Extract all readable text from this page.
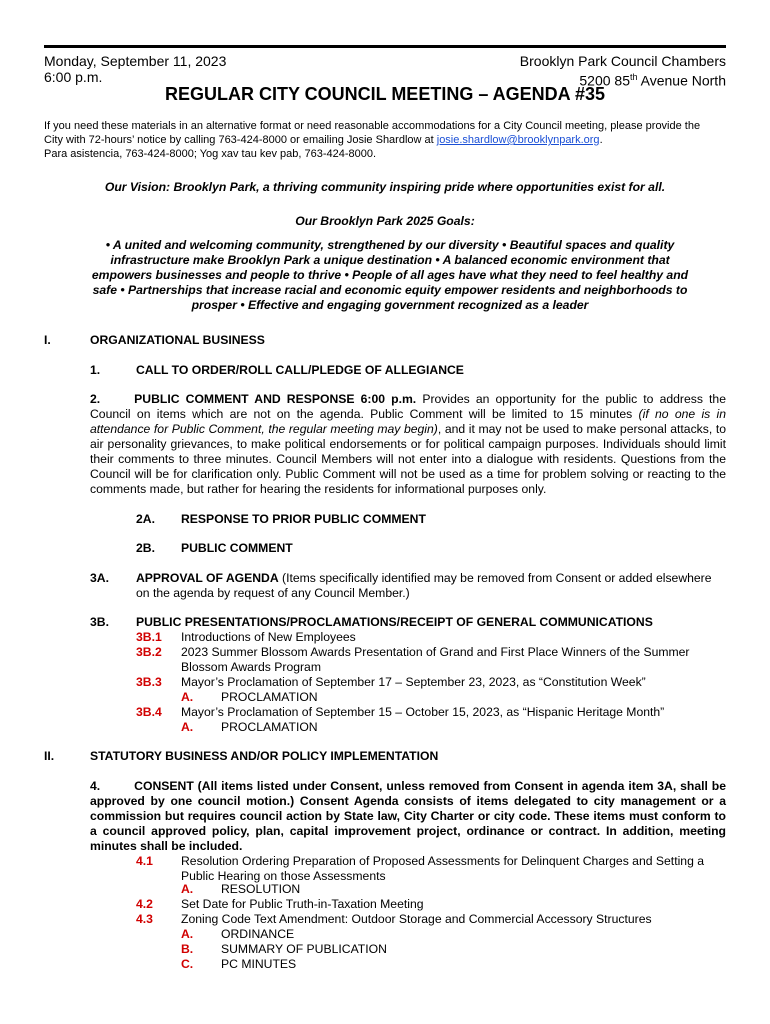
Monday, September 11, 2023
6:00 p.m.
Brooklyn Park Council Chambers
5200 85th Avenue North
REGULAR CITY COUNCIL MEETING – AGENDA #35
If you need these materials in an alternative format or need reasonable accommodations for a City Council meeting, please provide the
City with 72-hours’ notice by calling 763-424-8000 or emailing Josie Shardlow at josie.shardlow@brooklynpark.org.
Para asistencia, 763-424-8000; Yog xav tau kev pab, 763-424-8000.
Our Vision: Brooklyn Park, a thriving community inspiring pride where opportunities exist for all.
Our Brooklyn Park 2025 Goals:
• A united and welcoming community, strengthened by our diversity • Beautiful spaces and quality infrastructure make Brooklyn Park a unique destination • A balanced economic environment that empowers businesses and people to thrive • People of all ages have what they need to feel healthy and safe • Partnerships that increase racial and economic equity empower residents and neighborhoods to prosper • Effective and engaging government recognized as a leader
I.	ORGANIZATIONAL BUSINESS
1.	CALL TO ORDER/ROLL CALL/PLEDGE OF ALLEGIANCE
2.	PUBLIC COMMENT AND RESPONSE 6:00 p.m. Provides an opportunity for the public to address the Council on items which are not on the agenda. Public Comment will be limited to 15 minutes (if no one is in attendance for Public Comment, the regular meeting may begin), and it may not be used to make personal attacks, to air personality grievances, to make political endorsements or for political campaign purposes. Individuals should limit their comments to three minutes. Council Members will not enter into a dialogue with residents. Questions from the Council will be for clarification only. Public Comment will not be used as a time for problem solving or reacting to the comments made, but rather for hearing the residents for informational purposes only.
2A. RESPONSE TO PRIOR PUBLIC COMMENT
2B. PUBLIC COMMENT
3A. APPROVAL OF AGENDA (Items specifically identified may be removed from Consent or added elsewhere
on the agenda by request of any Council Member.)
3B. PUBLIC PRESENTATIONS/PROCLAMATIONS/RECEIPT OF GENERAL COMMUNICATIONS
3B.1 Introductions of New Employees
3B.2 2023 Summer Blossom Awards Presentation of Grand and First Place Winners of the Summer
Blossom Awards Program
3B.3 Mayor’s Proclamation of September 17 – September 23, 2023, as “Constitution Week”
A. PROCLAMATION
3B.4 Mayor’s Proclamation of September 15 – October 15, 2023, as “Hispanic Heritage Month”
A. PROCLAMATION
II.	STATUTORY BUSINESS AND/OR POLICY IMPLEMENTATION
4.	CONSENT (All items listed under Consent, unless removed from Consent in agenda item 3A, shall be approved by one council motion.) Consent Agenda consists of items delegated to city management or a commission but requires council action by State law, City Charter or city code. These items must conform to a council approved policy, plan, capital improvement project, ordinance or contract. In addition, meeting minutes shall be included.
4.1 Resolution Ordering Preparation of Proposed Assessments for Delinquent Charges and Setting a
Public Hearing on those Assessments
A. RESOLUTION
4.2 Set Date for Public Truth-in-Taxation Meeting
4.3 Zoning Code Text Amendment: Outdoor Storage and Commercial Accessory Structures
A. ORDINANCE
B. SUMMARY OF PUBLICATION
C. PC MINUTES
